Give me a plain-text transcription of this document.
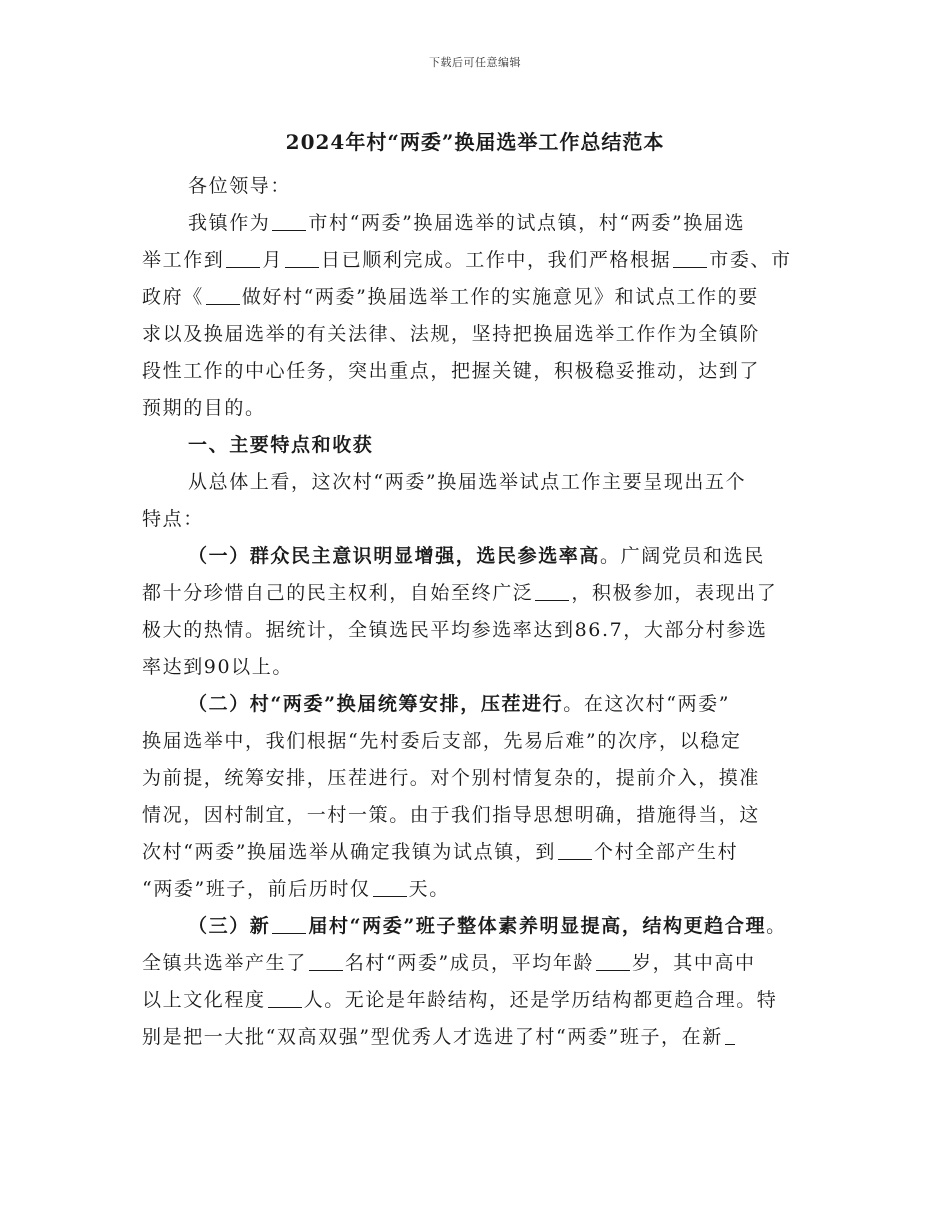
下载后可任意编辑
2024年村“两委”换届选举工作总结范本
各位领导：
我镇作为 市村“两委”换届选举的试点镇，村“两委”换届选
举工作到 月 日已顺利完成。工作中，我们严格根据 市委、市
政府《 做好村“两委”换届选举工作的实施意见》和试点工作的要
求以及换届选举的有关法律、法规，坚持把换届选举工作作为全镇阶
段性工作的中心任务，突出重点，把握关键，积极稳妥推动，达到了
预期的目的。
一、主要特点和收获
从总体上看，这次村“两委”换届选举试点工作主要呈现出五个
特点：
（一）群众民主意识明显增强，选民参选率高。广阔党员和选民
都十分珍惜自己的民主权利，自始至终广泛 ，积极参加，表现出了
极大的热情。据统计，全镇选民平均参选率达到86.7，大部分村参选
率达到90以上。
（二）村“两委”换届统筹安排，压茬进行。在这次村“两委”
换届选举中，我们根据“先村委后支部，先易后难”的次序，以稳定
为前提，统筹安排，压茬进行。对个别村情复杂的，提前介入，摸准
情况，因村制宜，一村一策。由于我们指导思想明确，措施得当，这
次村“两委”换届选举从确定我镇为试点镇，到 个村全部产生村
“两委”班子，前后历时仅 天。
（三）新 届村“两委”班子整体素养明显提高，结构更趋合理。
全镇共选举产生了 名村“两委”成员，平均年龄 岁，其中高中
以上文化程度 人。无论是年龄结构，还是学历结构都更趋合理。特
别是把一大批“双高双强”型优秀人才选进了村“两委”班子，在新
